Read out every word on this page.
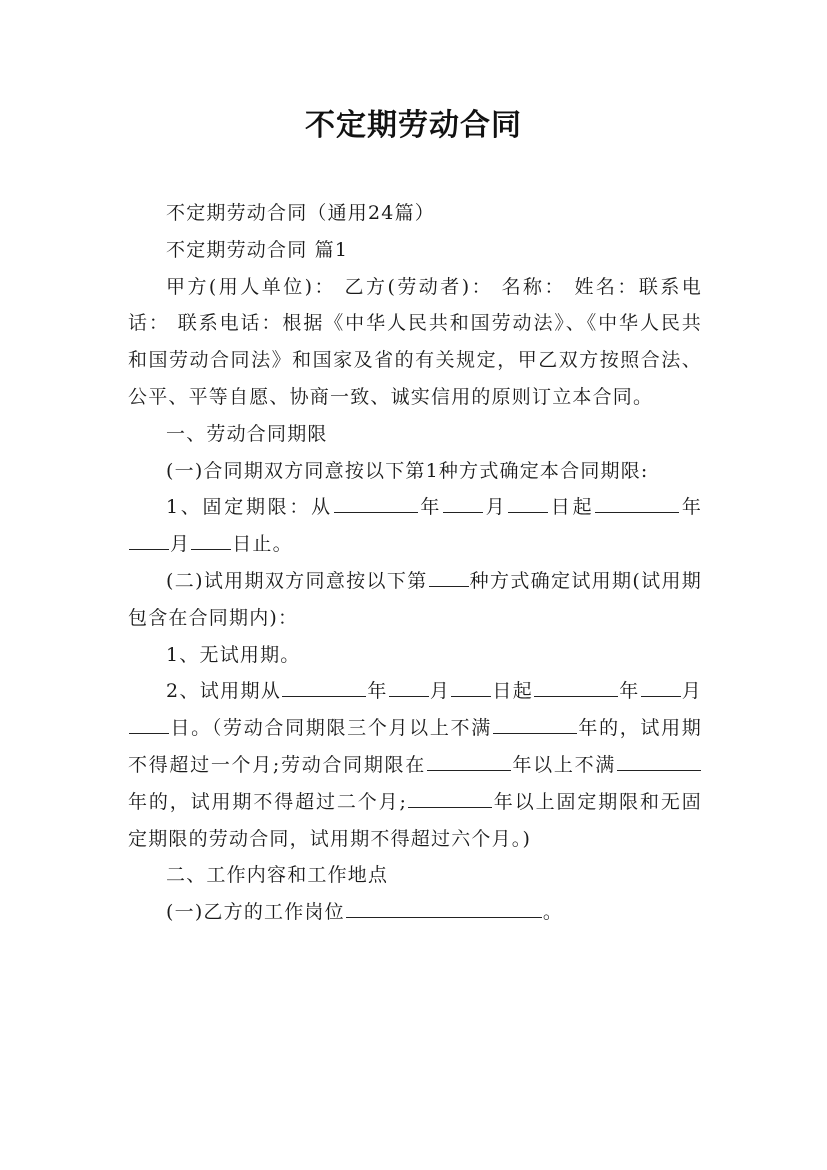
不定期劳动合同

不定期劳动合同（通用24篇）

不定期劳动合同 篇1

甲方(用人单位)： 乙方(劳动者)： 名称： 姓名：联系电话： 联系电话：根据《中华人民共和国劳动法》、《中华人民共和国劳动合同法》和国家及省的有关规定，甲乙双方按照合法、公平、平等自愿、协商一致、诚实信用的原则订立本合同。

一、劳动合同期限

(一)合同期双方同意按以下第1种方式确定本合同期限:

1、固定期限：从	年 月 日起	年月 日止。

(二)试用期双方同意按以下第 种方式确定试用期(试用期包含在合同期内)：

1、无试用期。

2、试用期从	年 月 日起	年 月日。（劳动合同期限三个月以上不满	年的，试用期不得超过一个月;劳动合同期限在	年以上不满年的，试用期不得超过二个月;	年以上固定期限和无固定期限的劳动合同，试用期不得超过六个月。)

二、工作内容和工作地点

(一)乙方的工作岗位	。
